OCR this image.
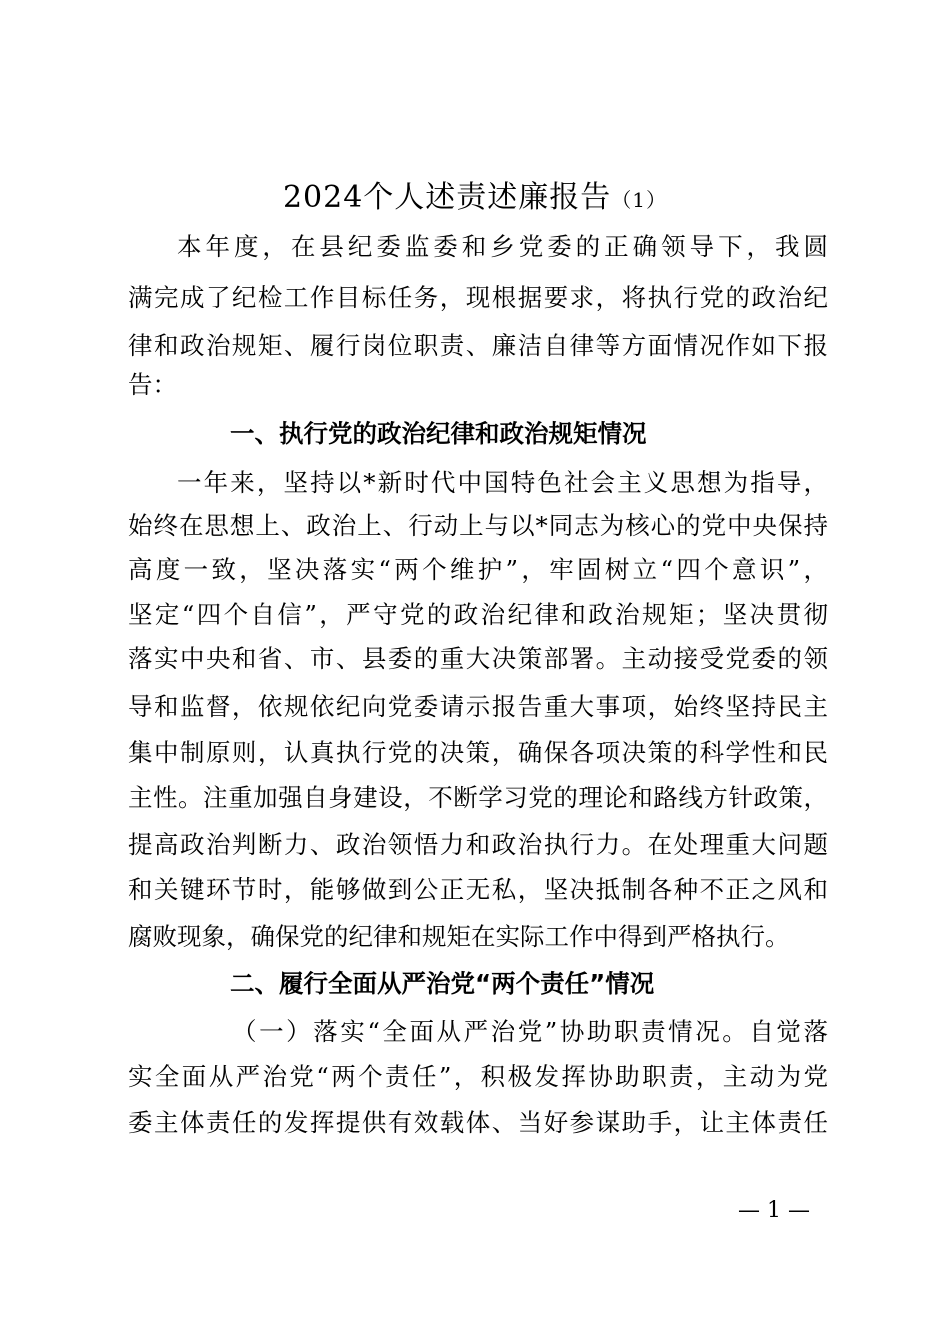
2024个人述责述廉报告（1）
本年度，在县纪委监委和乡党委的正确领导下，我圆
满完成了纪检工作目标任务，现根据要求，将执行党的政治纪
律和政治规矩、履行岗位职责、廉洁自律等方面情况作如下报
告：
一、执行党的政治纪律和政治规矩情况
一年来，坚持以*新时代中国特色社会主义思想为指导，
始终在思想上、政治上、行动上与以*同志为核心的党中央保持
高度一致，坚决落实“两个维护”，牢固树立“四个意识”，
坚定“四个自信”，严守党的政治纪律和政治规矩；坚决贯彻
落实中央和省、市、县委的重大决策部署。主动接受党委的领
导和监督，依规依纪向党委请示报告重大事项，始终坚持民主
集中制原则，认真执行党的决策，确保各项决策的科学性和民
主性。注重加强自身建设，不断学习党的理论和路线方针政策，
提高政治判断力、政治领悟力和政治执行力。在处理重大问题
和关键环节时，能够做到公正无私，坚决抵制各种不正之风和
腐败现象，确保党的纪律和规矩在实际工作中得到严格执行。
二、履行全面从严治党“两个责任”情况
（一）落实“全面从严治党”协助职责情况。自觉落
实全面从严治党“两个责任”，积极发挥协助职责，主动为党
委主体责任的发挥提供有效载体、当好参谋助手，让主体责任
— 1 —
